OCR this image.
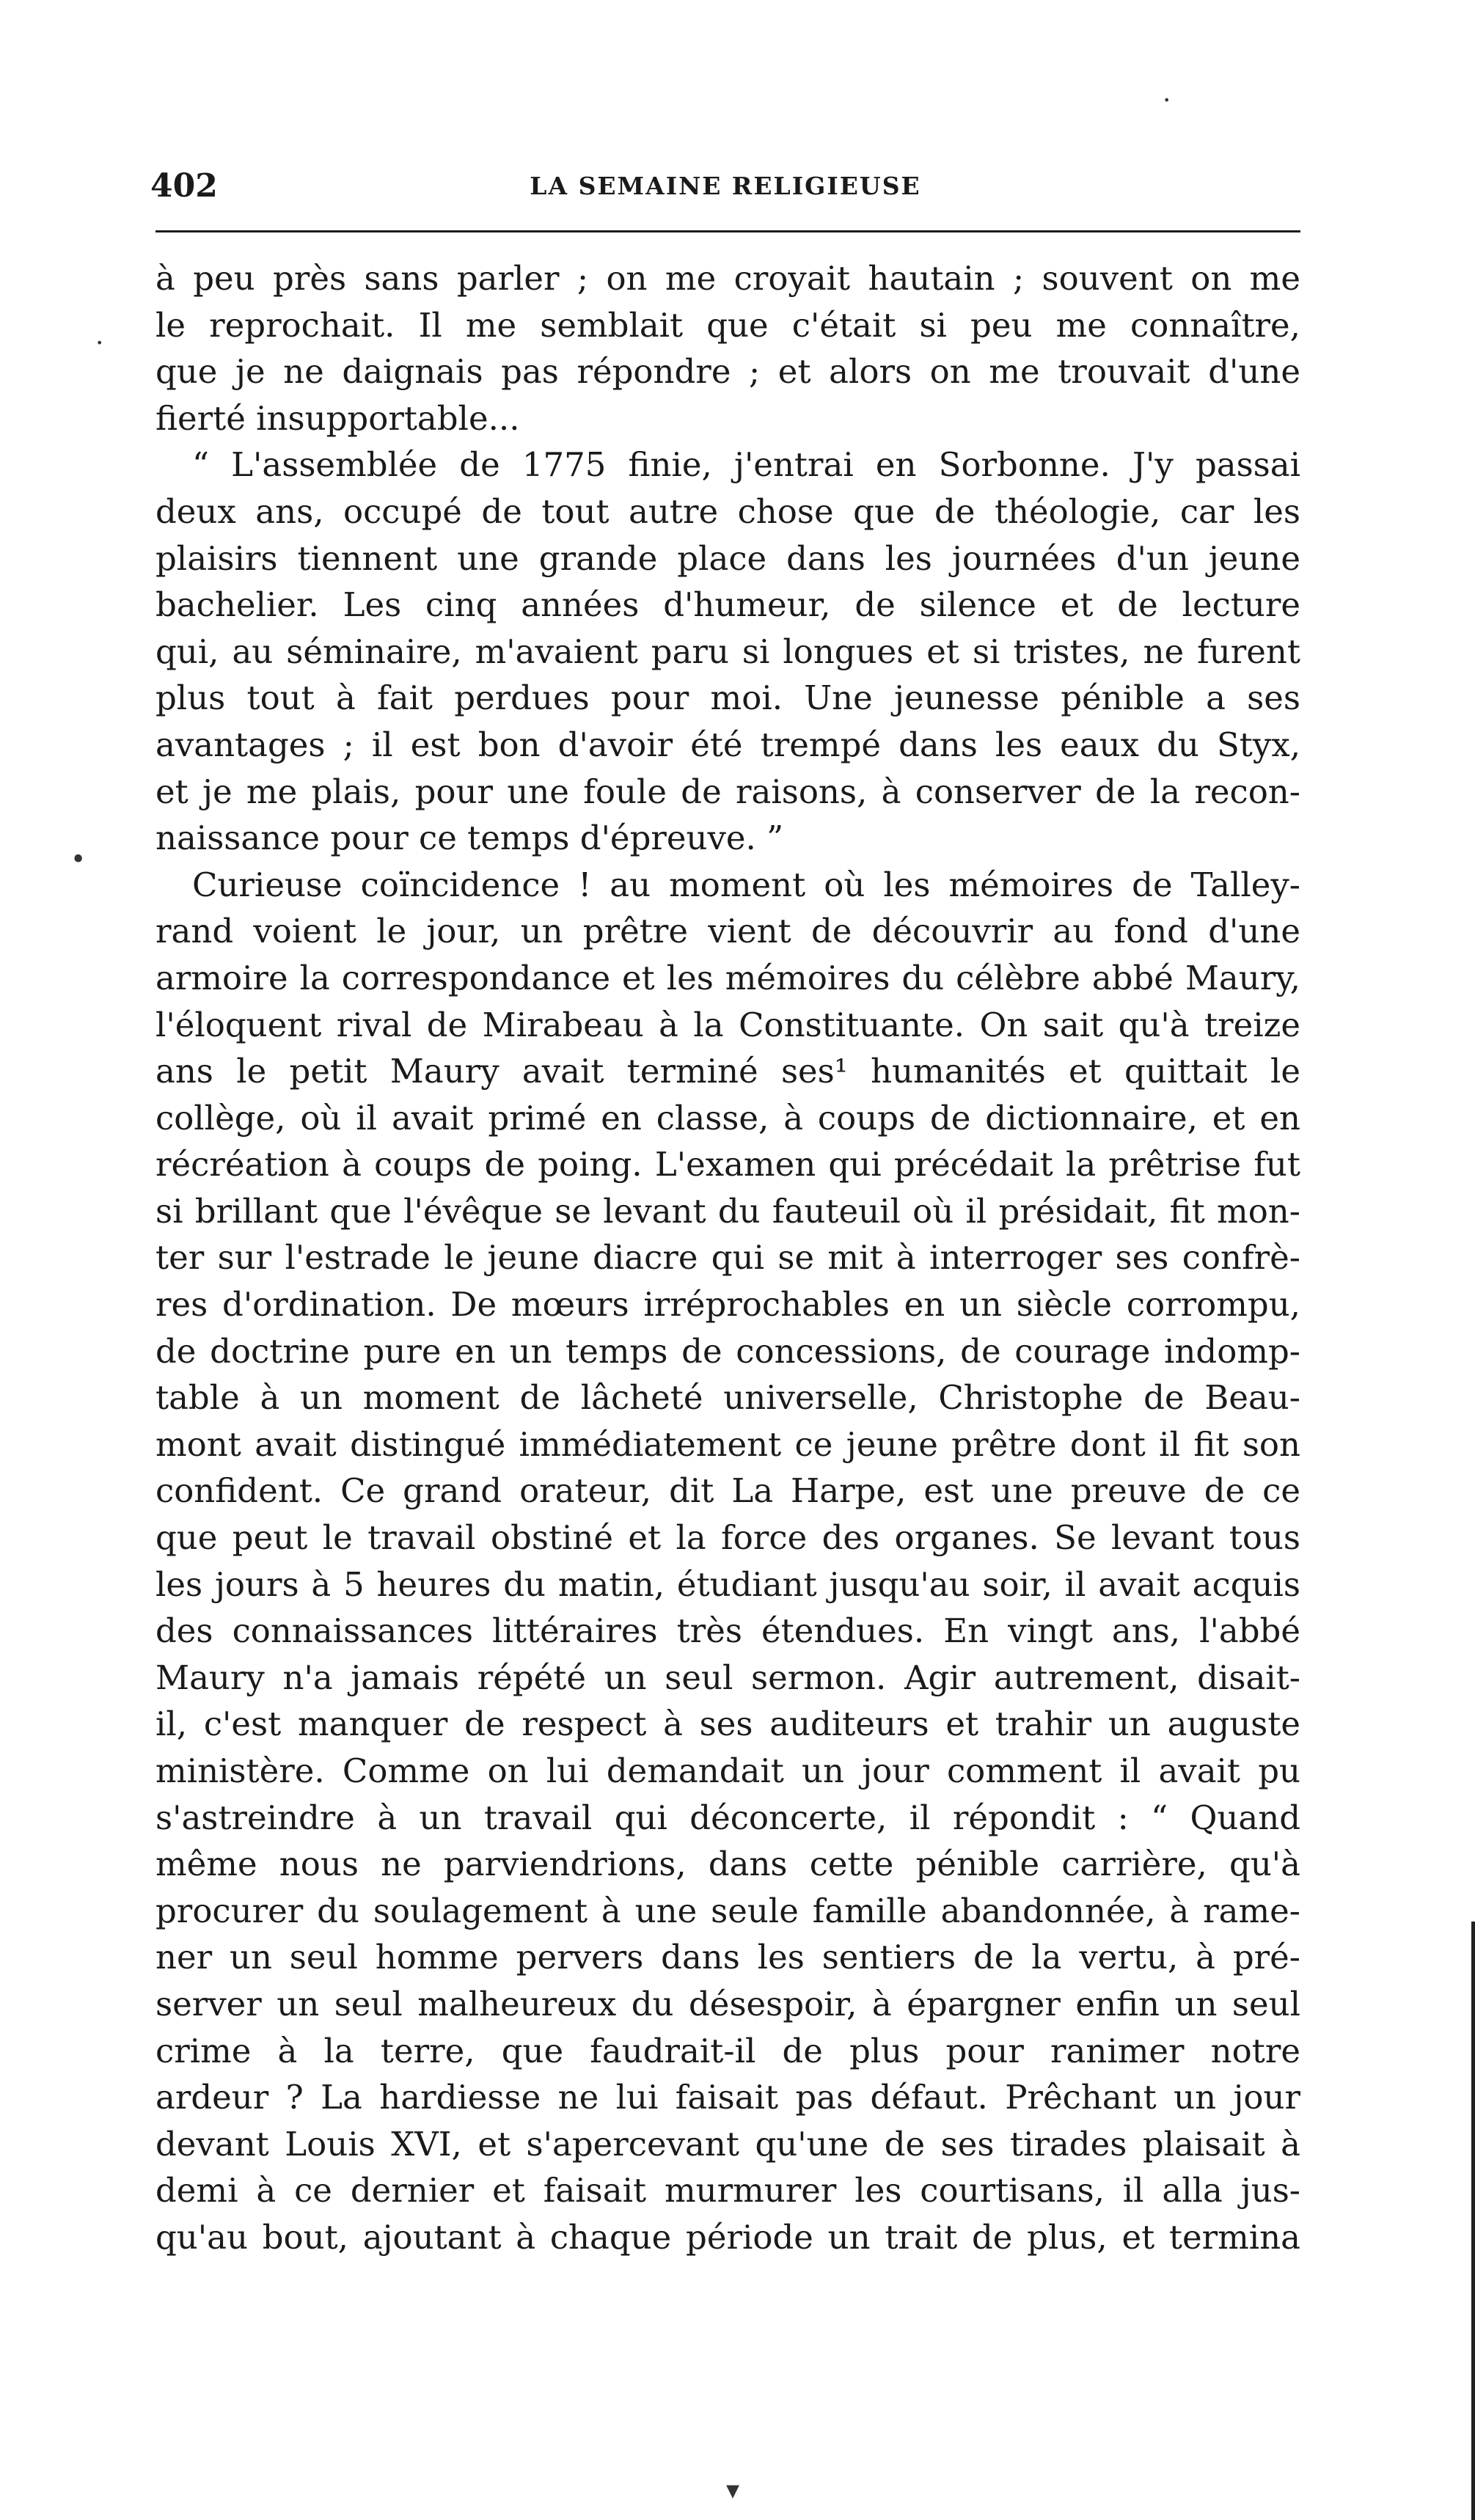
402	LA SEMAINE RELIGIEUSE
à peu près sans parler ; on me croyait hautain ; souvent on me
le reprochait. Il me semblait que c'était si peu me connaître,
que je ne daignais pas répondre ; et alors on me trouvait d'une
fierté insupportable...
“ L'assemblée de 1775 finie, j'entrai en Sorbonne. J'y passai
deux ans, occupé de tout autre chose que de théologie, car les
plaisirs tiennent une grande place dans les journées d'un jeune
bachelier. Les cinq années d'humeur, de silence et de lecture
qui, au séminaire, m'avaient paru si longues et si tristes, ne furent
plus tout à fait perdues pour moi. Une jeunesse pénible a ses
avantages ; il est bon d'avoir été trempé dans les eaux du Styx,
et je me plais, pour une foule de raisons, à conserver de la recon-
naissance pour ce temps d'épreuve. ”
Curieuse coïncidence ! au moment où les mémoires de Talley-
rand voient le jour, un prêtre vient de découvrir au fond d'une
armoire la correspondance et les mémoires du célèbre abbé Maury,
l'éloquent rival de Mirabeau à la Constituante. On sait qu'à treize
ans le petit Maury avait terminé ses¹ humanités et quittait le
collège, où il avait primé en classe, à coups de dictionnaire, et en
récréation à coups de poing. L'examen qui précédait la prêtrise fut
si brillant que l'évêque se levant du fauteuil où il présidait, fit mon-
ter sur l'estrade le jeune diacre qui se mit à interroger ses confrè-
res d'ordination. De mœurs irréprochables en un siècle corrompu,
de doctrine pure en un temps de concessions, de courage indomp-
table à un moment de lâcheté universelle, Christophe de Beau-
mont avait distingué immédiatement ce jeune prêtre dont il fit son
confident. Ce grand orateur, dit La Harpe, est une preuve de ce
que peut le travail obstiné et la force des organes. Se levant tous
les jours à 5 heures du matin, étudiant jusqu'au soir, il avait acquis
des connaissances littéraires très étendues. En vingt ans, l'abbé
Maury n'a jamais répété un seul sermon. Agir autrement, disait-
il, c'est manquer de respect à ses auditeurs et trahir un auguste
ministère. Comme on lui demandait un jour comment il avait pu
s'astreindre à un travail qui déconcerte, il répondit : “ Quand
même nous ne parviendrions, dans cette pénible carrière, qu'à
procurer du soulagement à une seule famille abandonnée, à rame-
ner un seul homme pervers dans les sentiers de la vertu, à pré-
server un seul malheureux du désespoir, à épargner enfin un seul
crime à la terre, que faudrait-il de plus pour ranimer notre
ardeur ? La hardiesse ne lui faisait pas défaut. Prêchant un jour
devant Louis XVI, et s'apercevant qu'une de ses tirades plaisait à
demi à ce dernier et faisait murmurer les courtisans, il alla jus-
qu'au bout, ajoutant à chaque période un trait de plus, et termina
.
•
·
▾
